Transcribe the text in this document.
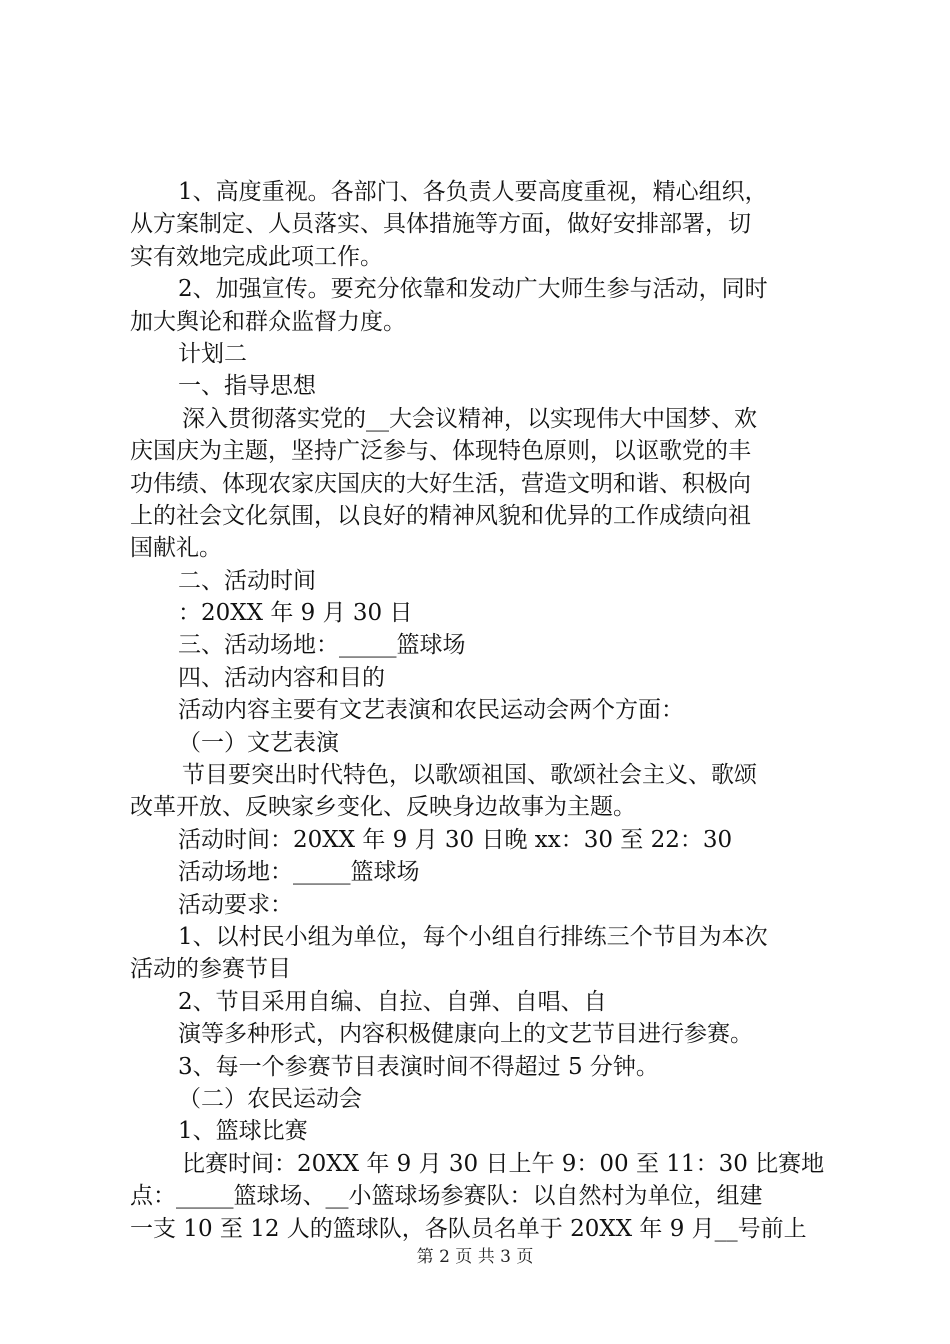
1、高度重视。各部门、各负责人要高度重视，精心组织，
从方案制定、人员落实、具体措施等方面，做好安排部署，切
实有效地完成此项工作。
2、加强宣传。要充分依靠和发动广大师生参与活动，同时
加大舆论和群众监督力度。
计划二
一、指导思想
深入贯彻落实党的__大会议精神，以实现伟大中国梦、欢
庆国庆为主题，坚持广泛参与、体现特色原则，以讴歌党的丰
功伟绩、体现农家庆国庆的大好生活，营造文明和谐、积极向
上的社会文化氛围，以良好的精神风貌和优异的工作成绩向祖
国献礼。
二、活动时间
：20XX 年 9 月 30 日
三、活动场地：_____篮球场
四、活动内容和目的
活动内容主要有文艺表演和农民运动会两个方面：
（一）文艺表演
节目要突出时代特色，以歌颂祖国、歌颂社会主义、歌颂
改革开放、反映家乡变化、反映身边故事为主题。
活动时间：20XX 年 9 月 30 日晚 xx：30 至 22：30
活动场地：_____篮球场
活动要求：
1、以村民小组为单位，每个小组自行排练三个节目为本次
活动的参赛节目
2、节目采用自编、自拉、自弹、自唱、自
演等多种形式，内容积极健康向上的文艺节目进行参赛。
3、每一个参赛节目表演时间不得超过 5 分钟。
（二）农民运动会
1、篮球比赛
比赛时间：20XX 年 9 月 30 日上午 9：00 至 11：30 比赛地
点：_____篮球场、__小篮球场参赛队：以自然村为单位，组建
一支 10 至 12 人的篮球队，各队员名单于 20XX 年 9 月__号前上
第 2 页 共 3 页
